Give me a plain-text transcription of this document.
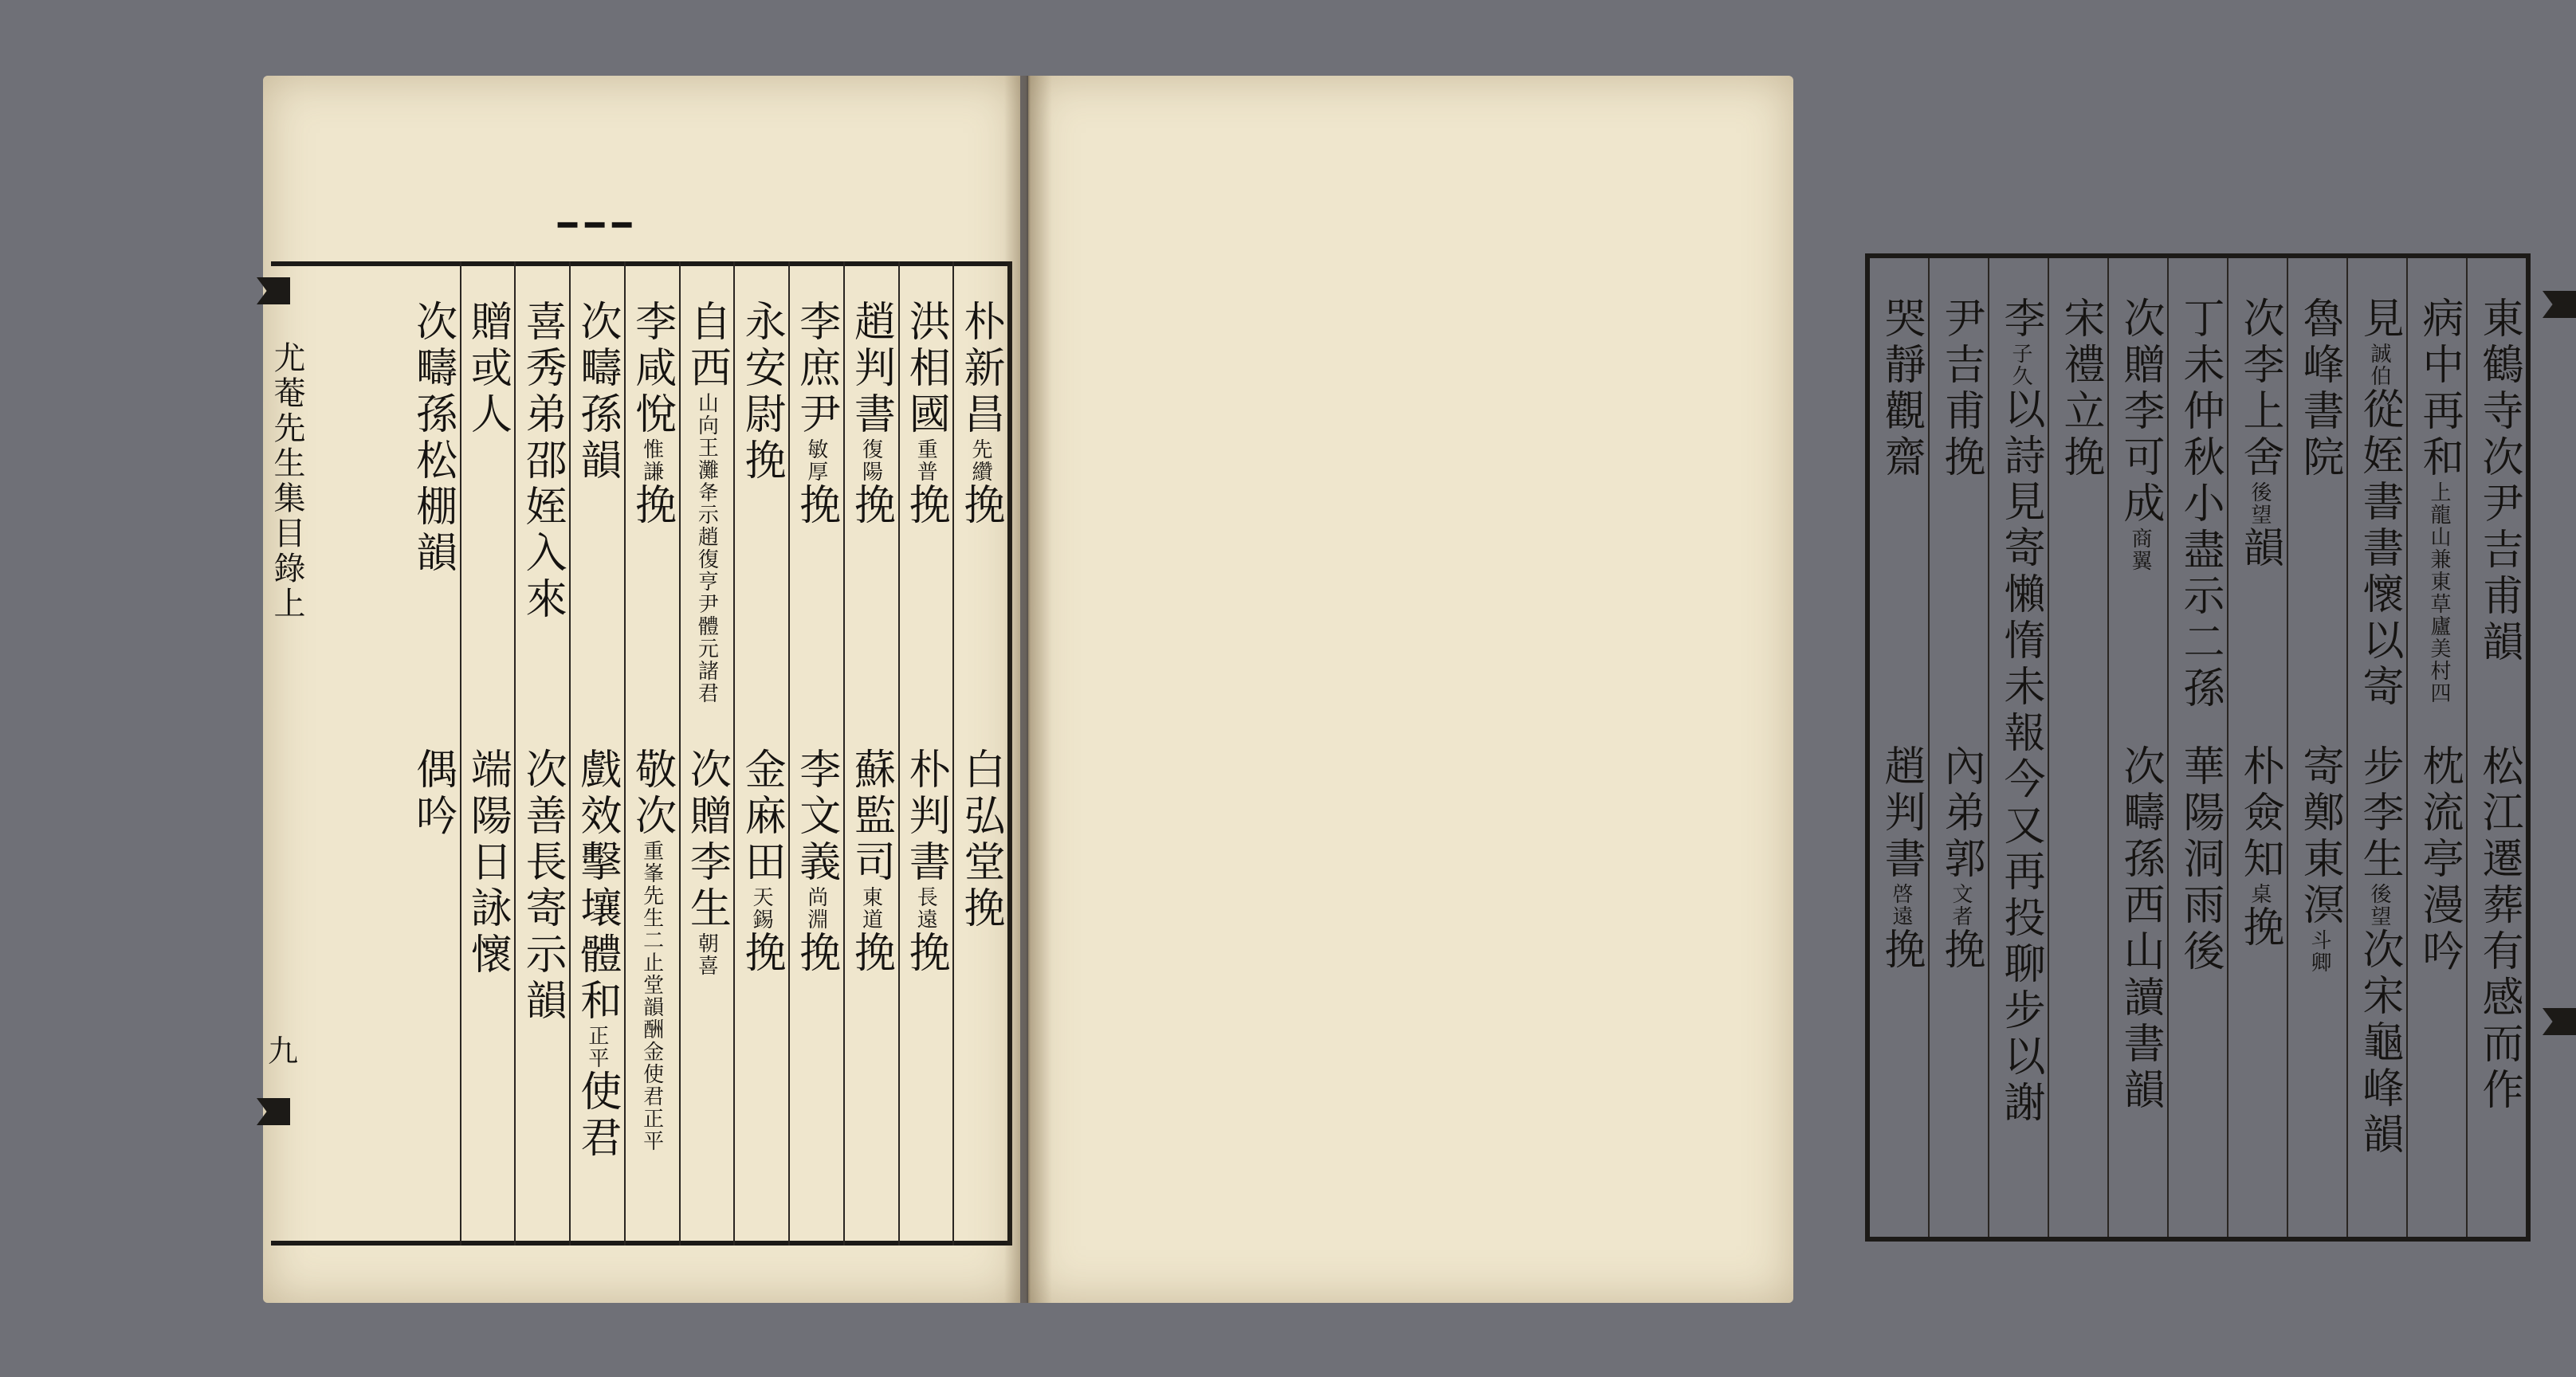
━━━
尤菴先生集目錄上
九
朴新昌先纘挽
白弘堂挽
洪相國重普挽
朴判書長遠挽
趙判書復陽挽
蘇監司東道挽
李庶尹敏厚挽
李文義尚淵挽
永安尉挽
金麻田天錫挽
自西山向王灘夅示趙復亨尹體元諸君
次贈李生朝喜
李咸悅惟謙挽
敬次重峯先生二止堂韻酬金使君正平
次疇孫韻
戲效擊壤體和正平使君
喜秀弟邵姪入來
次善長寄示韻
贈或人
端陽日詠懷
次疇孫松棚韻
偶吟
東鶴寺次尹吉甫韻
松江遷葬有感而作
病中再和上龍山兼東草廬美村四
枕流亭漫吟
見誠伯從姪書書懷以寄
步李生後望次宋龜峰韻
魯峰書院
寄鄭東溟斗卿
次李上舍後望韻
朴僉知桌挽
丁未仲秋小盡示二孫
華陽洞雨後
次贈李可成商翼
次疇孫西山讀書韻
宋禮立挽
李子久以詩見寄懶惰未報今又再投聊步以謝
尹吉甫挽
內弟郭文者挽
哭靜觀齋
趙判書啓遠挽
